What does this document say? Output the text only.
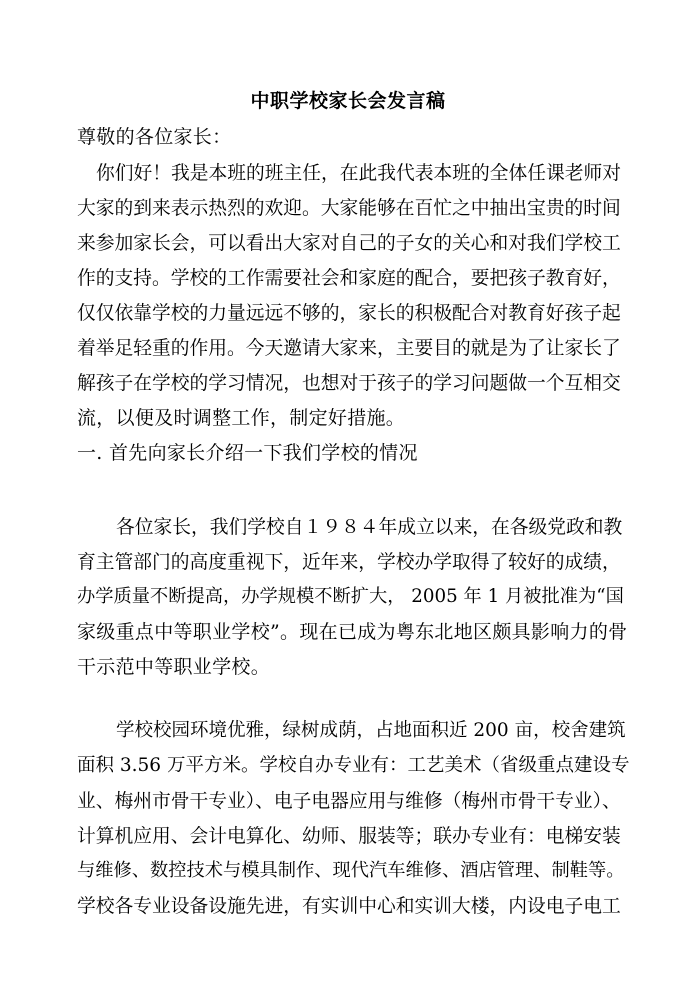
中职学校家长会发言稿
尊敬的各位家长：
你们好！我是本班的班主任，在此我代表本班的全体任课老师对
大家的到来表示热烈的欢迎。大家能够在百忙之中抽出宝贵的时间
来参加家长会，可以看出大家对自己的子女的关心和对我们学校工
作的支持。学校的工作需要社会和家庭的配合，要把孩子教育好，
仅仅依靠学校的力量远远不够的，家长的积极配合对教育好孩子起
着举足轻重的作用。今天邀请大家来，主要目的就是为了让家长了
解孩子在学校的学习情况，也想对于孩子的学习问题做一个互相交
流，以便及时调整工作，制定好措施。
一. 首先向家长介绍一下我们学校的情况
各位家长，我们学校自１９８４年成立以来，在各级党政和教
育主管部门的高度重视下，近年来，学校办学取得了较好的成绩，
办学质量不断提高，办学规模不断扩大， 2005 年 1 月被批准为“国
家级重点中等职业学校”。现在已成为粤东北地区颇具影响力的骨
干示范中等职业学校。
学校校园环境优雅，绿树成荫，占地面积近 200 亩，校舍建筑
面积 3.56 万平方米。学校自办专业有：工艺美术（省级重点建设专
业、梅州市骨干专业）、电子电器应用与维修（梅州市骨干专业）、
计算机应用、会计电算化、幼师、服装等；联办专业有：电梯安装
与维修、数控技术与模具制作、现代汽车维修、酒店管理、制鞋等。
学校各专业设备设施先进，有实训中心和实训大楼，内设电子电工
